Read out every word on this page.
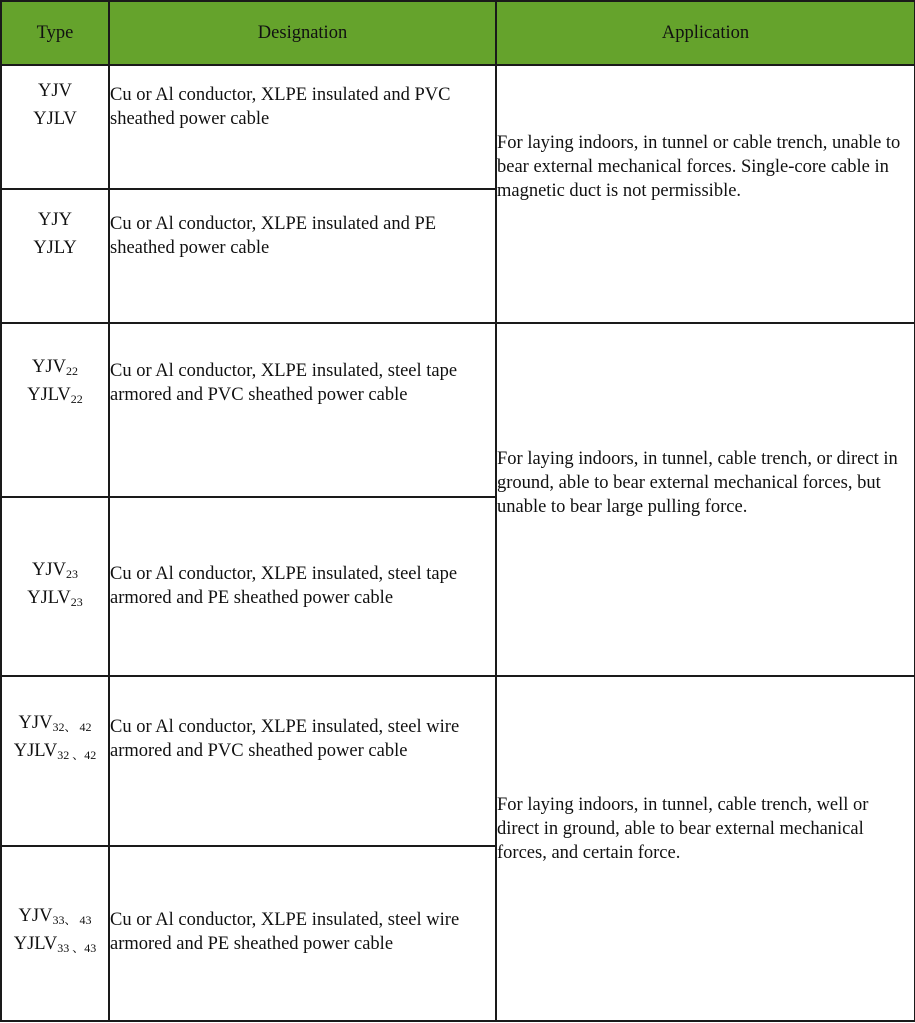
Type	Designation	Application

YJV
YJLV	Cu or Al conductor, XLPE insulated and PVC sheathed power cable	For laying indoors, in tunnel or cable trench, unable to bear external mechanical forces. Single-core cable in magnetic duct is not permissible.

YJY
YJLY	Cu or Al conductor, XLPE insulated and PE sheathed power cable	

$YJV_{22}$
$YJLV_{22}$	Cu or Al conductor, XLPE insulated, steel tape armored and PVC sheathed power cable	For laying indoors, in tunnel, cable trench, or direct in ground, able to bear external mechanical forces, but unable to bear large pulling force.

$YJV_{23}$
$YJLV_{23}$	Cu or Al conductor, XLPE insulated, steel tape armored and PE sheathed power cable	

$YJV_{32、 42}$
$YJLV_{32 、42}$	Cu or Al conductor, XLPE insulated, steel wire armored and PVC sheathed power cable	For laying indoors, in tunnel, cable trench, well or direct in ground, able to bear external mechanical forces, and certain force.

$YJV_{33、 43}$
$YJLV_{33 、43}$	Cu or Al conductor, XLPE insulated, steel wire armored and PE sheathed power cable	
